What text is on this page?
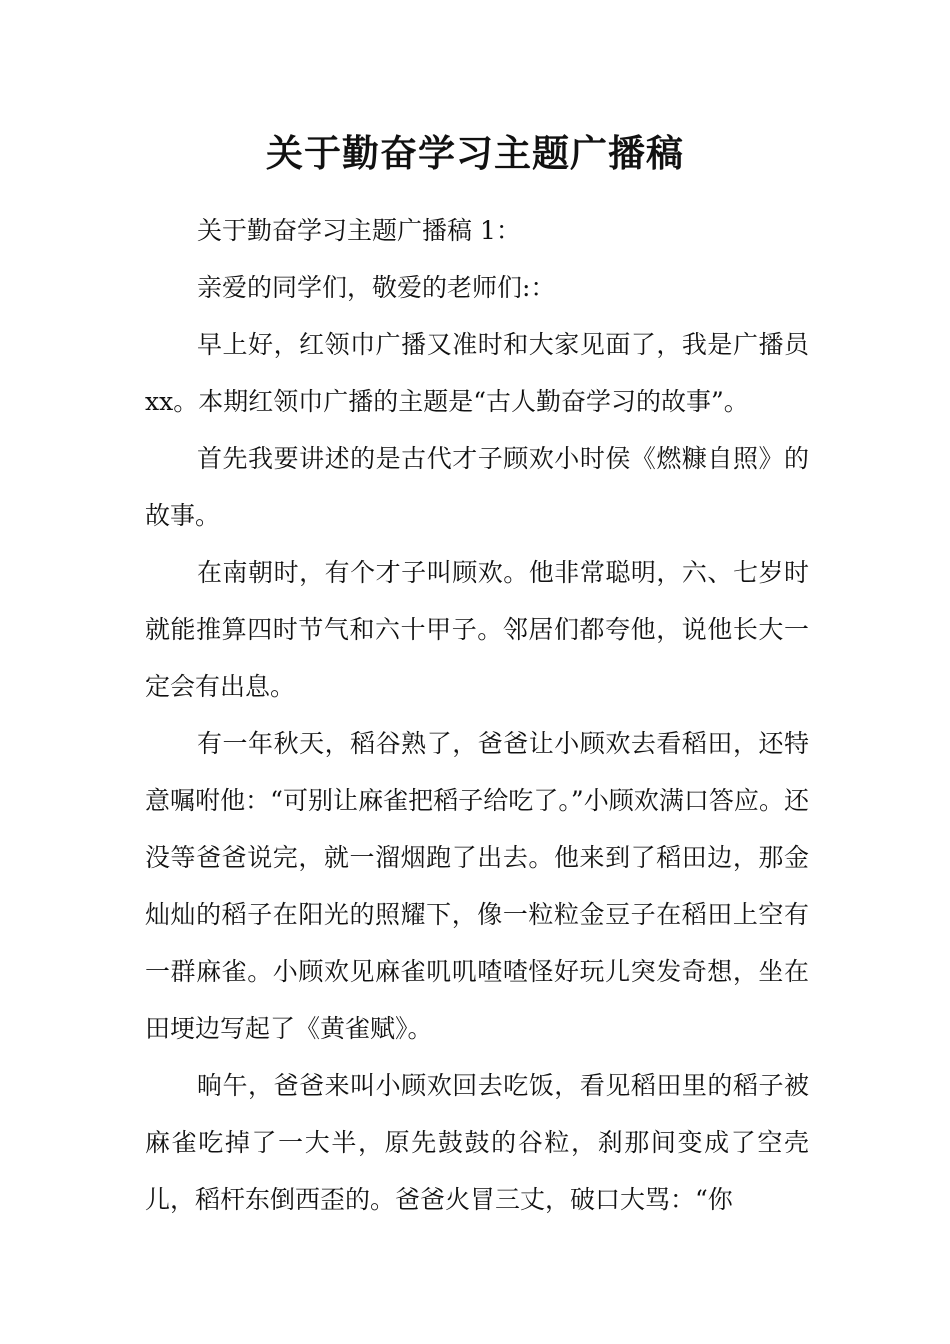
关于勤奋学习主题广播稿

关于勤奋学习主题广播稿 1：

亲爱的同学们，敬爱的老师们:：

早上好，红领巾广播又准时和大家见面了，我是广播员 xx。本期红领巾广播的主题是“古人勤奋学习的故事”。

首先我要讲述的是古代才子顾欢小时侯《燃糠自照》的故事。

在南朝时，有个才子叫顾欢。他非常聪明，六、七岁时就能推算四时节气和六十甲子。邻居们都夸他，说他长大一定会有出息。

有一年秋天，稻谷熟了，爸爸让小顾欢去看稻田，还特意嘱咐他：“可别让麻雀把稻子给吃了。”小顾欢满口答应。还没等爸爸说完，就一溜烟跑了出去。他来到了稻田边，那金灿灿的稻子在阳光的照耀下，像一粒粒金豆子在稻田上空有一群麻雀。小顾欢见麻雀叽叽喳喳怪好玩儿突发奇想，坐在田埂边写起了《黄雀赋》。

晌午，爸爸来叫小顾欢回去吃饭，看见稻田里的稻子被麻雀吃掉了一大半，原先鼓鼓的谷粒，刹那间变成了空壳儿，稻杆东倒西歪的。爸爸火冒三丈，破口大骂：“你
